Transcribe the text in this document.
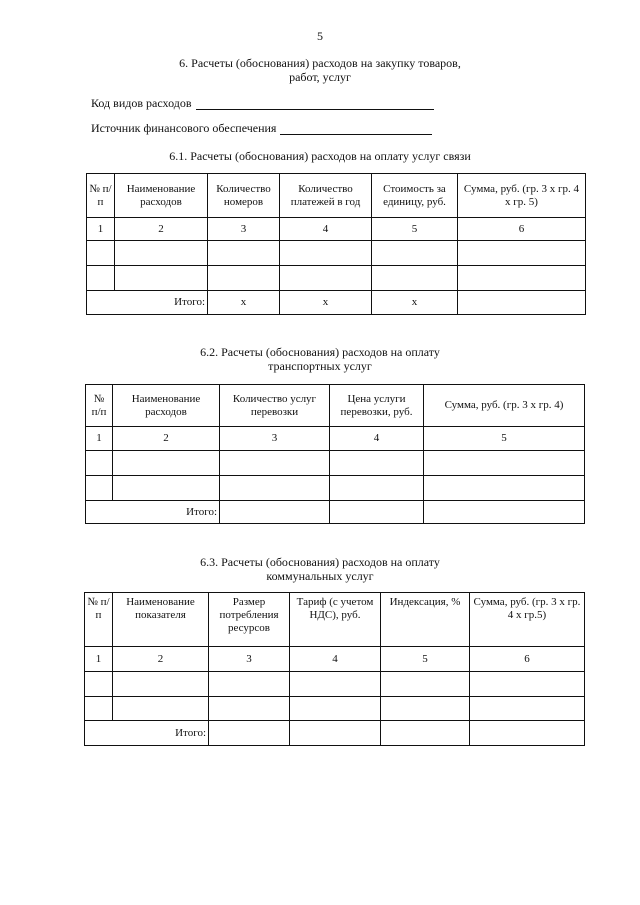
5
6. Расчеты (обоснования) расходов на закупку товаров,
работ, услуг
Код видов расходов
Источник финансового обеспечения
6.1. Расчеты (обоснования) расходов на оплату услуг связи
№ п/п	Наименование расходов	Количество номеров	Количество платежей в год	Стоимость за единицу, руб.	Сумма, руб. (гр. 3 х гр. 4 х гр. 5)
1	2	3	4	5	6

Итого:		х	х	х	
6.2. Расчеты (обоснования) расходов на оплату
транспортных услуг
№ п/п	Наименование расходов	Количество услуг перевозки	Цена услуги перевозки, руб.	Сумма, руб. (гр. 3 х гр. 4)
1	2	3	4	5

Итого:				
6.3. Расчеты (обоснования) расходов на оплату
коммунальных услуг
№ п/п	Наименование показателя	Размер потребления ресурсов	Тариф (с учетом НДС), руб.	Индексация, %	Сумма, руб. (гр. 3 х гр. 4 х гр.5)
1	2	3	4	5	6

Итого:					
